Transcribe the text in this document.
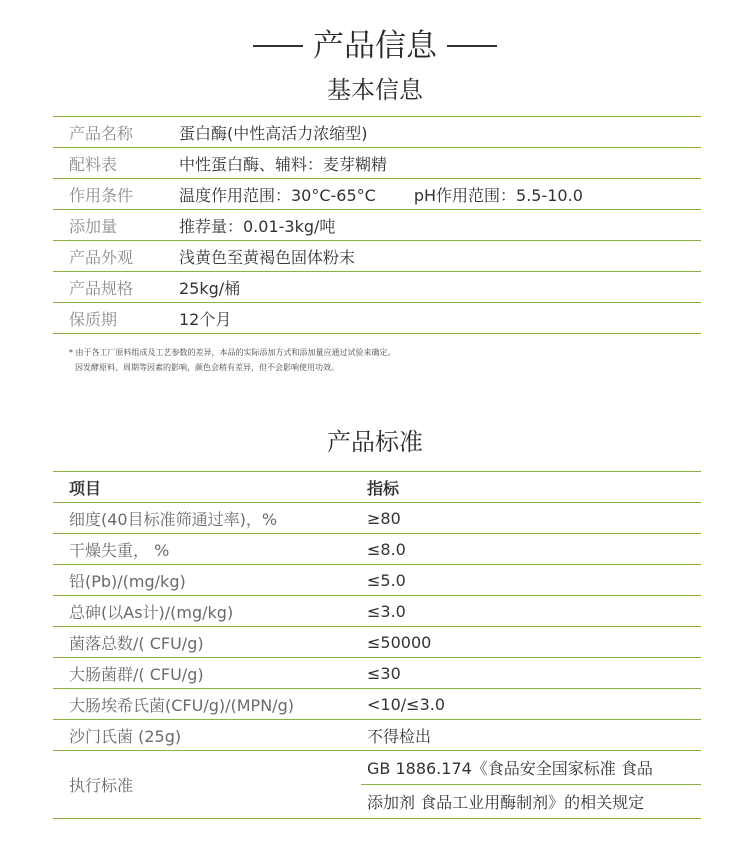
产品信息
基本信息
产品名称	蛋白酶(中性高活力浓缩型)
配料表	中性蛋白酶、辅料：麦芽糊精
作用条件	温度作用范围：30°C-65°C pH作用范围：5.5-10.0
添加量	推荐量：0.01-3kg/吨
产品外观	浅黄色至黄褐色固体粉末
产品规格	25kg/桶
保质期	12个月
* 由于各工厂原料组成及工艺参数的差异，本品的实际添加方式和添加量应通过试验来确定。
因发酵原料、周期等因素的影响，颜色会稍有差异，但不会影响使用功效。
产品标准
项目	指标
细度(40目标准筛通过率)，%	≥80
干燥失重， %	≤8.0
铅(Pb)/(mg/kg)	≤5.0
总砷(以As计)/(mg/kg)	≤3.0
菌落总数/( CFU/g)	≤50000
大肠菌群/( CFU/g)	≤30
大肠埃希氏菌(CFU/g)/(MPN/g)	<10/≤3.0
沙门氏菌 (25g)	不得检出
执行标准	GB 1886.174《食品安全国家标准 食品
	添加剂 食品工业用酶制剂》的相关规定
